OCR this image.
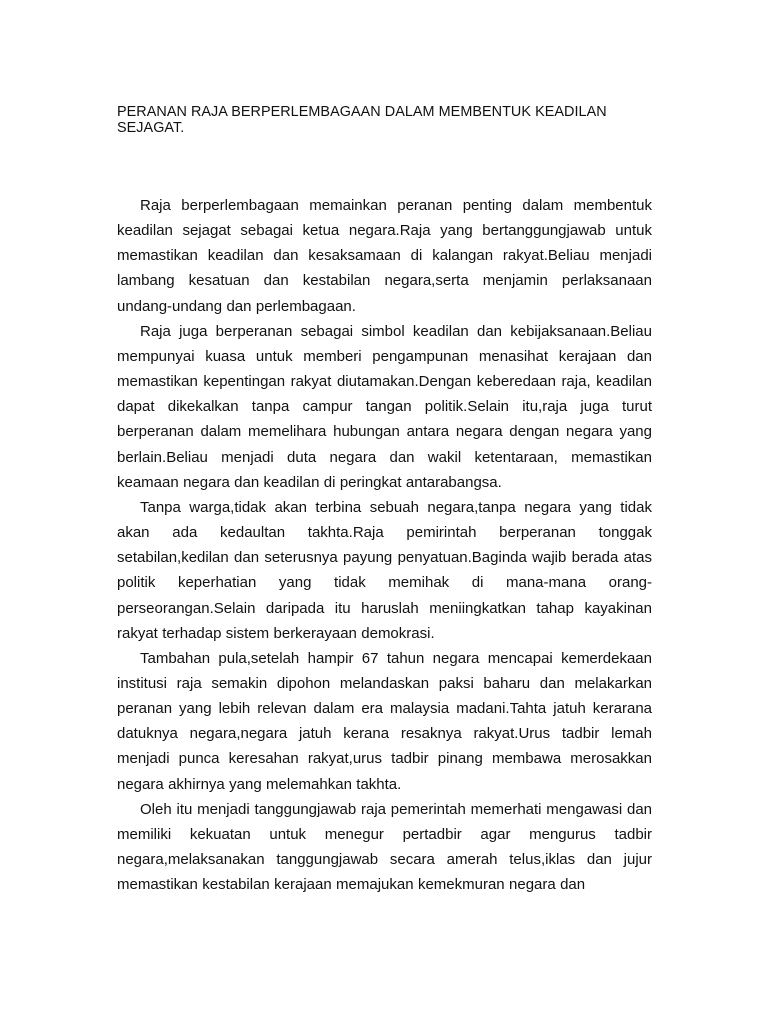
PERANAN RAJA BERPERLEMBAGAAN DALAM MEMBENTUK KEADILAN SEJAGAT.

Raja berperlembagaan memainkan peranan penting dalam membentuk keadilan sejagat sebagai ketua negara.Raja yang bertanggungjawab untuk memastikan keadilan dan kesaksamaan di kalangan rakyat.Beliau menjadi lambang kesatuan dan kestabilan negara,serta menjamin perlaksanaan undang-undang dan perlembagaan.

Raja juga berperanan sebagai simbol keadilan dan kebijaksanaan.Beliau mempunyai kuasa untuk memberi pengampunan menasihat kerajaan dan memastikan kepentingan rakyat diutamakan.Dengan keberedaan raja, keadilan dapat dikekalkan tanpa campur tangan politik.Selain itu,raja juga turut berperanan dalam memelihara hubungan antara negara dengan negara yang berlain.Beliau menjadi duta negara dan wakil ketentaraan, memastikan keamaan negara dan keadilan di peringkat antarabangsa.

Tanpa warga,tidak akan terbina sebuah negara,tanpa negara yang tidak akan ada kedaultan takhta.Raja pemirintah berperanan tonggak setabilan,kedilan dan seterusnya payung penyatuan.Baginda wajib berada atas politik keperhatian yang tidak memihak di mana-mana orang-perseorangan.Selain daripada itu haruslah meniingkatkan tahap kayakinan rakyat terhadap sistem berkerayaan demokrasi.

Tambahan pula,setelah hampir 67 tahun negara mencapai kemerdekaan institusi raja semakin dipohon melandaskan paksi baharu dan melakarkan peranan yang lebih relevan dalam era malaysia madani.Tahta jatuh kerarana datuknya negara,negara jatuh kerana resaknya rakyat.Urus tadbir lemah menjadi punca keresahan rakyat,urus tadbir pinang membawa merosakkan negara akhirnya yang melemahkan takhta.

Oleh itu menjadi tanggungjawab raja pemerintah memerhati mengawasi dan memiliki kekuatan untuk menegur pertadbir agar mengurus tadbir negara,melaksanakan tanggungjawab secara amerah telus,iklas dan jujur memastikan kestabilan kerajaan memajukan kemekmuran negara dan
